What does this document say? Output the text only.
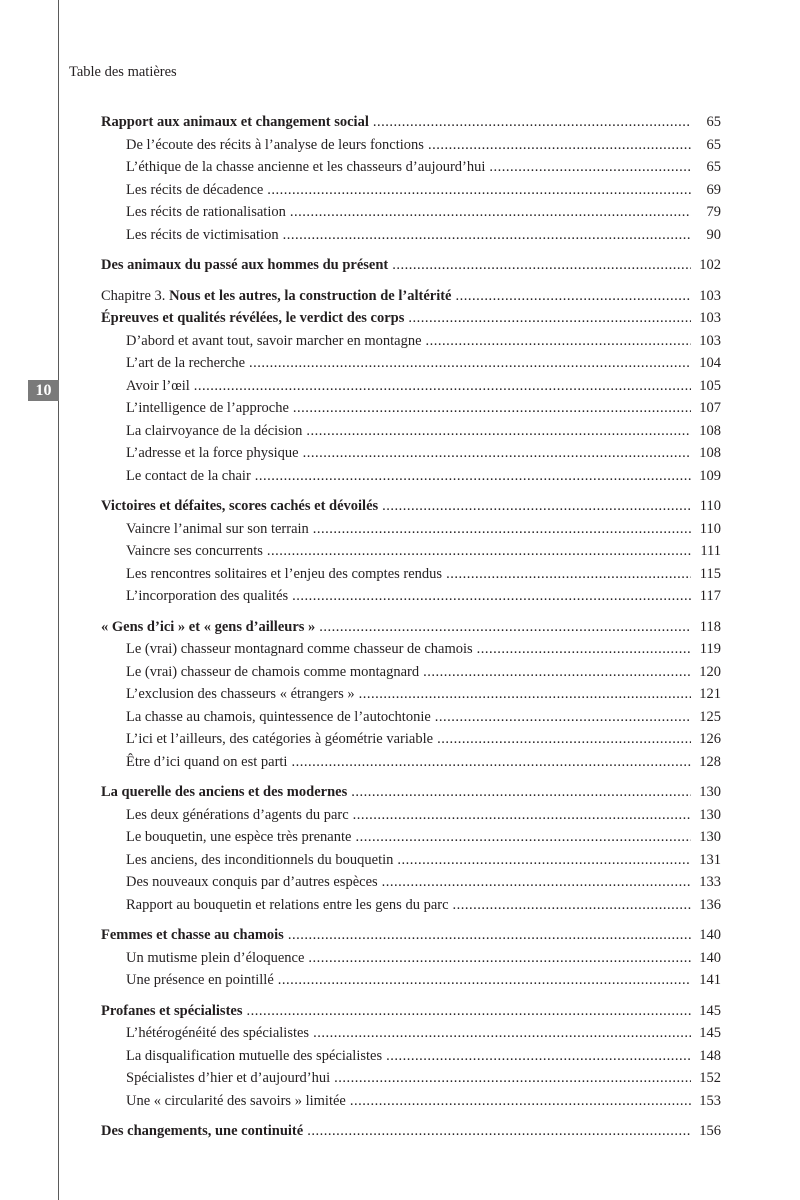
10
Table des matières
Rapport aux animaux et changement social .....	65
De l’écoute des récits à l’analyse de leurs fonctions .....	65
L’éthique de la chasse ancienne et les chasseurs d’aujourd’hui .....	65
Les récits de décadence .....	69
Les récits de rationalisation .....	79
Les récits de victimisation .....	90
Des animaux du passé aux hommes du présent .....	102
Chapitre 3. Nous et les autres, la construction de l’altérité .....	103
Épreuves et qualités révélées, le verdict des corps .....	103
D’abord et avant tout, savoir marcher en montagne .....	103
L’art de la recherche .....	104
Avoir l’œil .....	105
L’intelligence de l’approche .....	107
La clairvoyance de la décision .....	108
L’adresse et la force physique .....	108
Le contact de la chair .....	109
Victoires et défaites, scores cachés et dévoilés .....	110
Vaincre l’animal sur son terrain .....	110
Vaincre ses concurrents .....	111
Les rencontres solitaires et l’enjeu des comptes rendus .....	115
L’incorporation des qualités .....	117
« Gens d’ici » et « gens d’ailleurs » .....	118
Le (vrai) chasseur montagnard comme chasseur de chamois .....	119
Le (vrai) chasseur de chamois comme montagnard .....	120
L’exclusion des chasseurs « étrangers » .....	121
La chasse au chamois, quintessence de l’autochtonie .....	125
L’ici et l’ailleurs, des catégories à géométrie variable .....	126
Être d’ici quand on est parti .....	128
La querelle des anciens et des modernes .....	130
Les deux générations d’agents du parc .....	130
Le bouquetin, une espèce très prenante .....	130
Les anciens, des inconditionnels du bouquetin .....	131
Des nouveaux conquis par d’autres espèces .....	133
Rapport au bouquetin et relations entre les gens du parc .....	136
Femmes et chasse au chamois .....	140
Un mutisme plein d’éloquence .....	140
Une présence en pointillé .....	141
Profanes et spécialistes .....	145
L’hétérogénéité des spécialistes .....	145
La disqualification mutuelle des spécialistes .....	148
Spécialistes d’hier et d’aujourd’hui .....	152
Une « circularité des savoirs » limitée .....	153
Des changements, une continuité .....	156
